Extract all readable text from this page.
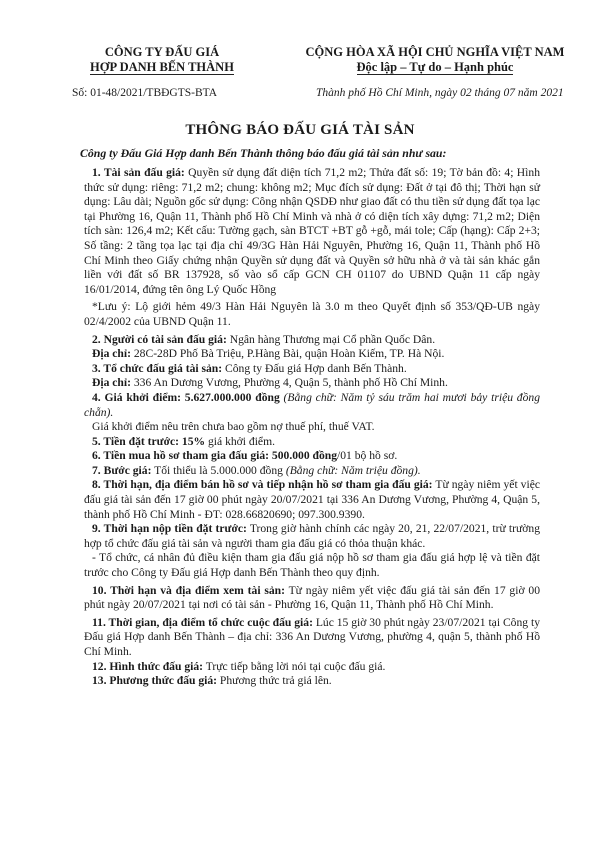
CÔNG TY ĐẤU GIÁ
HỢP DANH BẾN THÀNH
CỘNG HÒA XÃ HỘI CHỦ NGHĨA VIỆT NAM
Độc lập – Tự do – Hạnh phúc
Số: 01-48/2021/TBĐGTS-BTA	Thành phố Hồ Chí Minh, ngày 02 tháng 07 năm 2021
THÔNG BÁO ĐẤU GIÁ TÀI SẢN
Công ty Đấu Giá Hợp danh Bến Thành thông báo đấu giá tài sản như sau:

1. Tài sản đấu giá: Quyền sử dụng đất diện tích 71,2 m2; Thửa đất số: 19; Tờ bản đồ: 4; Hình thức sử dụng: riêng: 71,2 m2; chung: không m2; Mục đích sử dụng: Đất ở tại đô thị; Thời hạn sử dụng: Lâu dài; Nguồn gốc sử dụng: Công nhận QSDĐ như giao đất có thu tiền sử dụng đất tọa lạc tại Phường 16, Quận 11, Thành phố Hồ Chí Minh và nhà ở có diện tích xây dựng: 71,2 m2; Diện tích sàn: 126,4 m2; Kết cấu: Tường gạch, sàn BTCT +BT gỗ +gỗ, mái tole; Cấp (hạng): Cấp 2+3; Số tầng: 2 tầng tọa lạc tại địa chỉ 49/3G Hàn Hải Nguyên, Phường 16, Quận 11, Thành phố Hồ Chí Minh theo Giấy chứng nhận Quyền sử dụng đất và Quyền sở hữu nhà ở và tài sản khác gắn liền với đất số BR 137928, số vào sổ cấp GCN CH 01107 do UBND Quận 11 cấp ngày 16/01/2014, đứng tên ông Lý Quốc Hồng

*Lưu ý: Lộ giới hẻm 49/3 Hàn Hải Nguyên là 3.0 m theo Quyết định số 353/QĐ-UB ngày 02/4/2002 của UBND Quận 11.

2. Người có tài sản đấu giá: Ngân hàng Thương mại Cổ phần Quốc Dân.

Địa chỉ: 28C-28D Phố Bà Triệu, P.Hàng Bài, quận Hoàn Kiếm, TP. Hà Nội.

3. Tổ chức đấu giá tài sản: Công ty Đấu giá Hợp danh Bến Thành.

Địa chỉ: 336 An Dương Vương, Phường 4, Quận 5, thành phố Hồ Chí Minh.

4. Giá khởi điểm: 5.627.000.000 đồng (Bằng chữ: Năm tỷ sáu trăm hai mươi bảy triệu đồng chẵn).

Giá khởi điểm nêu trên chưa bao gồm nợ thuế phí, thuế VAT.

5. Tiền đặt trước: 15% giá khởi điểm.

6. Tiền mua hồ sơ tham gia đấu giá: 500.000 đồng/01 bộ hồ sơ.

7. Bước giá: Tối thiểu là 5.000.000 đồng (Bằng chữ: Năm triệu đồng).

8. Thời hạn, địa điểm bán hồ sơ và tiếp nhận hồ sơ tham gia đấu giá: Từ ngày niêm yết việc đấu giá tài sản đến 17 giờ 00 phút ngày 20/07/2021 tại 336 An Dương Vương, Phường 4, Quận 5, thành phố Hồ Chí Minh - ĐT: 028.66820690; 097.300.9390.

9. Thời hạn nộp tiền đặt trước: Trong giờ hành chính các ngày 20, 21, 22/07/2021, trừ trường hợp tổ chức đấu giá tài sản và người tham gia đấu giá có thỏa thuận khác.

- Tổ chức, cá nhân đủ điều kiện tham gia đấu giá nộp hồ sơ tham gia đấu giá hợp lệ và tiền đặt trước cho Công ty Đấu giá Hợp danh Bến Thành theo quy định.

10. Thời hạn và địa điểm xem tài sản: Từ ngày niêm yết việc đấu giá tài sản đến 17 giờ 00 phút ngày 20/07/2021 tại nơi có tài sản - Phường 16, Quận 11, Thành phố Hồ Chí Minh.

11. Thời gian, địa điểm tổ chức cuộc đấu giá: Lúc 15 giờ 30 phút ngày 23/07/2021 tại Công ty Đấu giá Hợp danh Bến Thành – địa chỉ: 336 An Dương Vương, phường 4, quận 5, thành phố Hồ Chí Minh.

12. Hình thức đấu giá: Trực tiếp bằng lời nói tại cuộc đấu giá.

13. Phương thức đấu giá: Phương thức trả giá lên.
